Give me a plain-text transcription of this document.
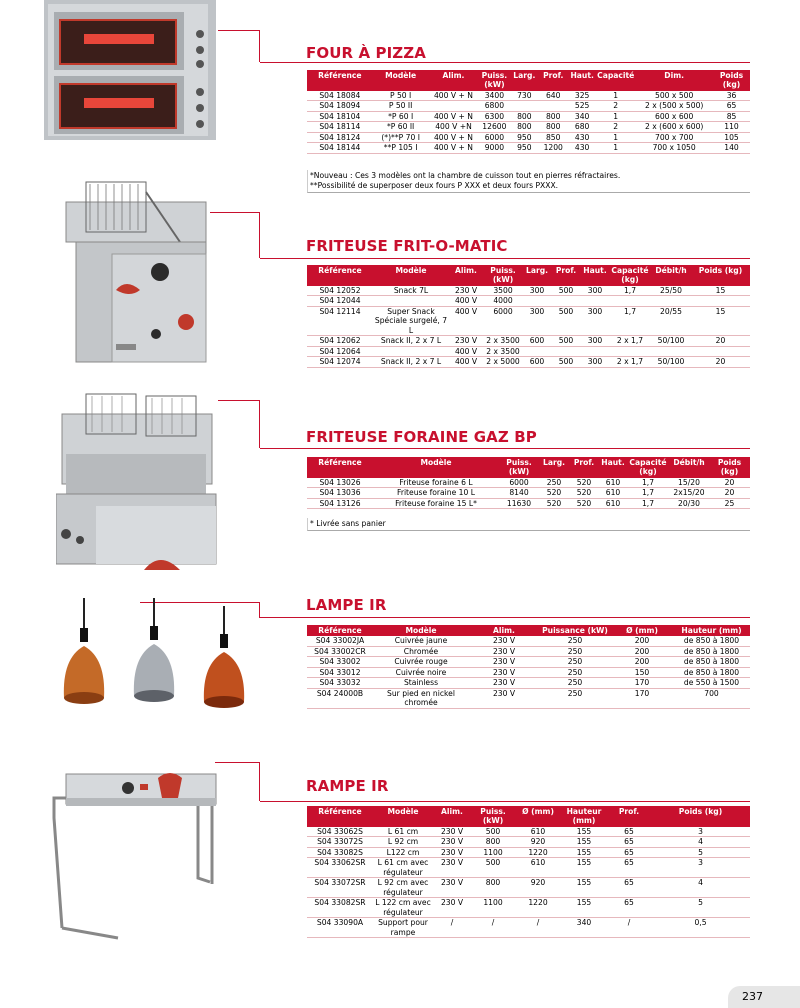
FOUR À PIZZA
Référence	Modèle	Alim.	Puiss. (kW)	Larg.	Prof.	Haut.	Capacité	Dim.	Poids (kg)
S04 18084	P 50 I	400 V + N	3400	730	640	325	1	500 x 500	36
S04 18094	P 50 II		6800			525	2	2 x (500 x 500)	65
S04 18104	*P 60 I	400 V + N	6300	800	800	340	1	600 x 600	85
S04 18114	*P 60 II	400 V +N	12600	800	800	680	2	2 x (600 x 600)	110
S04 18124	(*)**P 70 I	400 V + N	6000	950	850	430	1	700 x 700	105
S04 18144	**P 105 I	400 V + N	9000	950	1200	430	1	700 x 1050	140
*Nouveau : Ces 3 modèles ont la chambre de cuisson tout en pierres réfractaires.
**Possibilité de superposer deux fours P XXX et deux fours PXXX.
FRITEUSE FRIT-O-MATIC
Référence	Modèle	Alim.	Puiss. (kW)	Larg.	Prof.	Haut.	Capacité (kg)	Débit/h	Poids (kg)
S04 12052	Snack 7L	230 V	3500	300	500	300	1,7	25/50	15
S04 12044		400 V	4000						
S04 12114	Super Snack Spéciale surgelé, 7 L	400 V	6000	300	500	300	1,7	20/55	15
S04 12062	Snack II, 2 x 7 L	230 V	2 x 3500	600	500	300	2 x 1,7	50/100	20
S04 12064		400 V	2 x 3500						
S04 12074	Snack II, 2 x 7 L	400 V	2 x 5000	600	500	300	2 x 1,7	50/100	20
FRITEUSE FORAINE GAZ BP
Référence	Modèle	Puiss. (kW)	Larg.	Prof.	Haut.	Capacité (kg)	Débit/h	Poids (kg)
S04 13026	Friteuse foraine 6 L	6000	250	520	610	1,7	15/20	20
S04 13036	Friteuse foraine 10 L	8140	520	520	610	1,7	2x15/20	20
S04 13126	Friteuse foraine 15 L*	11630	520	520	610	1,7	20/30	25
* Livrée sans panier
LAMPE IR
Référence	Modèle	Alim.	Puissance (kW)	Ø (mm)	Hauteur (mm)
S04 33002JA	Cuivrée jaune	230 V	250	200	de 850 à 1800
S04 33002CR	Chromée	230 V	250	200	de 850 à 1800
S04 33002	Cuivrée rouge	230 V	250	200	de 850 à 1800
S04 33012	Cuivrée noire	230 V	250	150	de 850 à 1800
S04 33032	Stainless	230 V	250	170	de 550 à 1500
S04 24000B	Sur pied en nickel chromée	230 V	250	170	700
RAMPE IR
Référence	Modèle	Alim.	Puiss. (kW)	Ø (mm)	Hauteur (mm)	Prof.	Poids (kg)
S04 33062S	L 61 cm	230 V	500	610	155	65	3
S04 33072S	L 92 cm	230 V	800	920	155	65	4
S04 33082S	L122 cm	230 V	1100	1220	155	65	5
S04 33062SR	L 61 cm avec régulateur	230 V	500	610	155	65	3
S04 33072SR	L 92 cm avec régulateur	230 V	800	920	155	65	4
S04 33082SR	L 122 cm avec régulateur	230 V	1100	1220	155	65	5
S04 33090A	Support pour rampe	/	/	/	340	/	0,5
237
